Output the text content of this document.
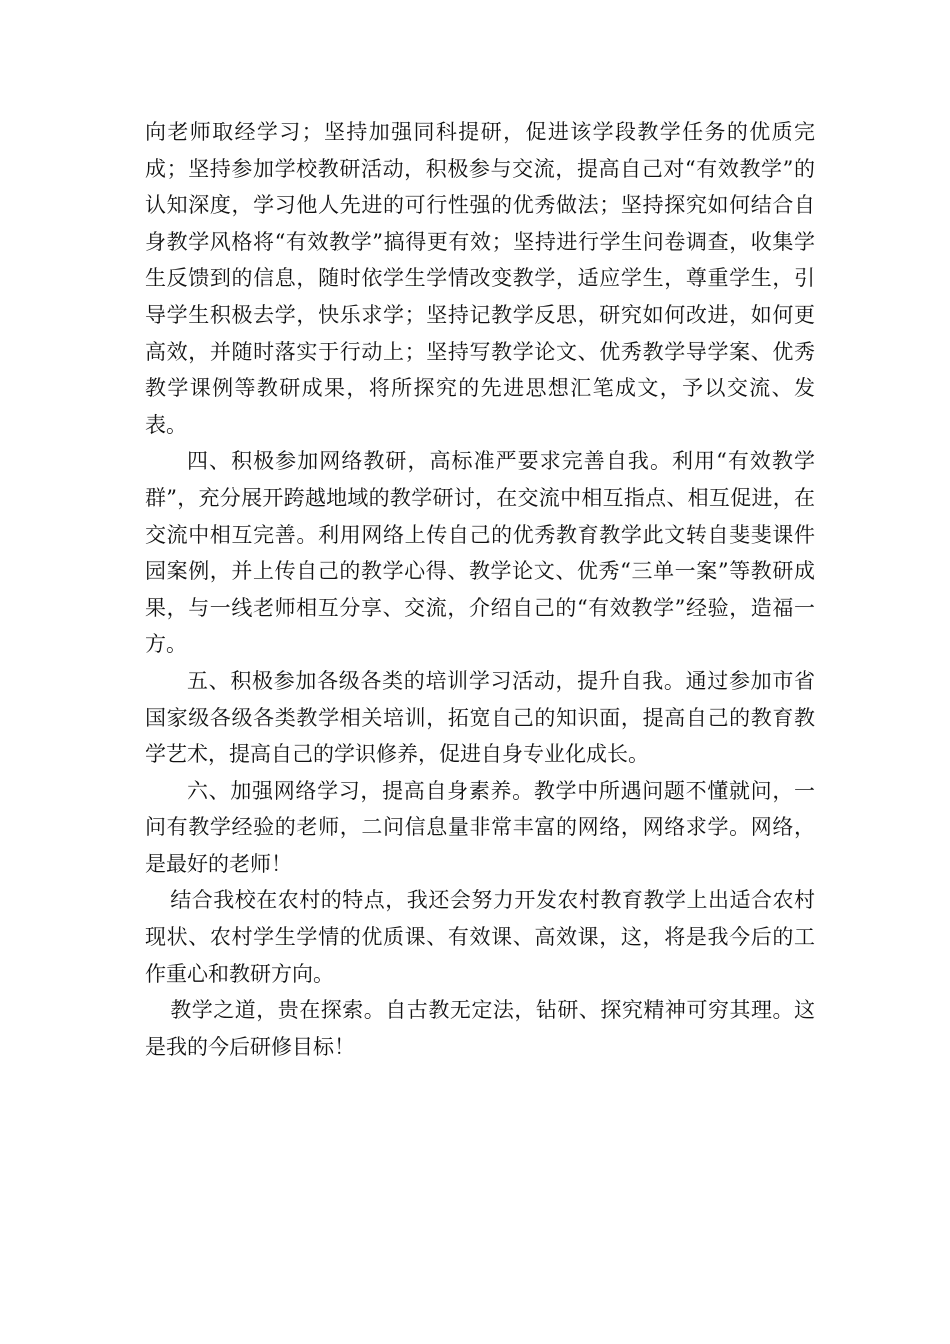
向老师取经学习；坚持加强同科提研，促进该学段教学任务的优质完成；坚持参加学校教研活动，积极参与交流，提高自己对“有效教学”的认知深度，学习他人先进的可行性强的优秀做法；坚持探究如何结合自身教学风格将“有效教学”搞得更有效；坚持进行学生问卷调查，收集学生反馈到的信息，随时依学生学情改变教学，适应学生，尊重学生，引导学生积极去学，快乐求学；坚持记教学反思，研究如何改进，如何更高效，并随时落实于行动上；坚持写教学论文、优秀教学导学案、优秀教学课例等教研成果，将所探究的先进思想汇笔成文，予以交流、发表。

四、积极参加网络教研，高标准严要求完善自我。利用“有效教学群”，充分展开跨越地域的教学研讨，在交流中相互指点、相互促进，在交流中相互完善。利用网络上传自己的优秀教育教学此文转自斐斐课件园案例，并上传自己的教学心得、教学论文、优秀“三单一案”等教研成果，与一线老师相互分享、交流，介绍自己的“有效教学”经验，造福一方。

五、积极参加各级各类的培训学习活动，提升自我。通过参加市省国家级各级各类教学相关培训，拓宽自己的知识面，提高自己的教育教学艺术，提高自己的学识修养，促进自身专业化成长。

六、加强网络学习，提高自身素养。教学中所遇问题不懂就问，一问有教学经验的老师，二问信息量非常丰富的网络，网络求学。网络，是最好的老师！

结合我校在农村的特点，我还会努力开发农村教育教学上出适合农村现状、农村学生学情的优质课、有效课、高效课，这，将是我今后的工作重心和教研方向。

教学之道，贵在探索。自古教无定法，钻研、探究精神可穷其理。这是我的今后研修目标！
